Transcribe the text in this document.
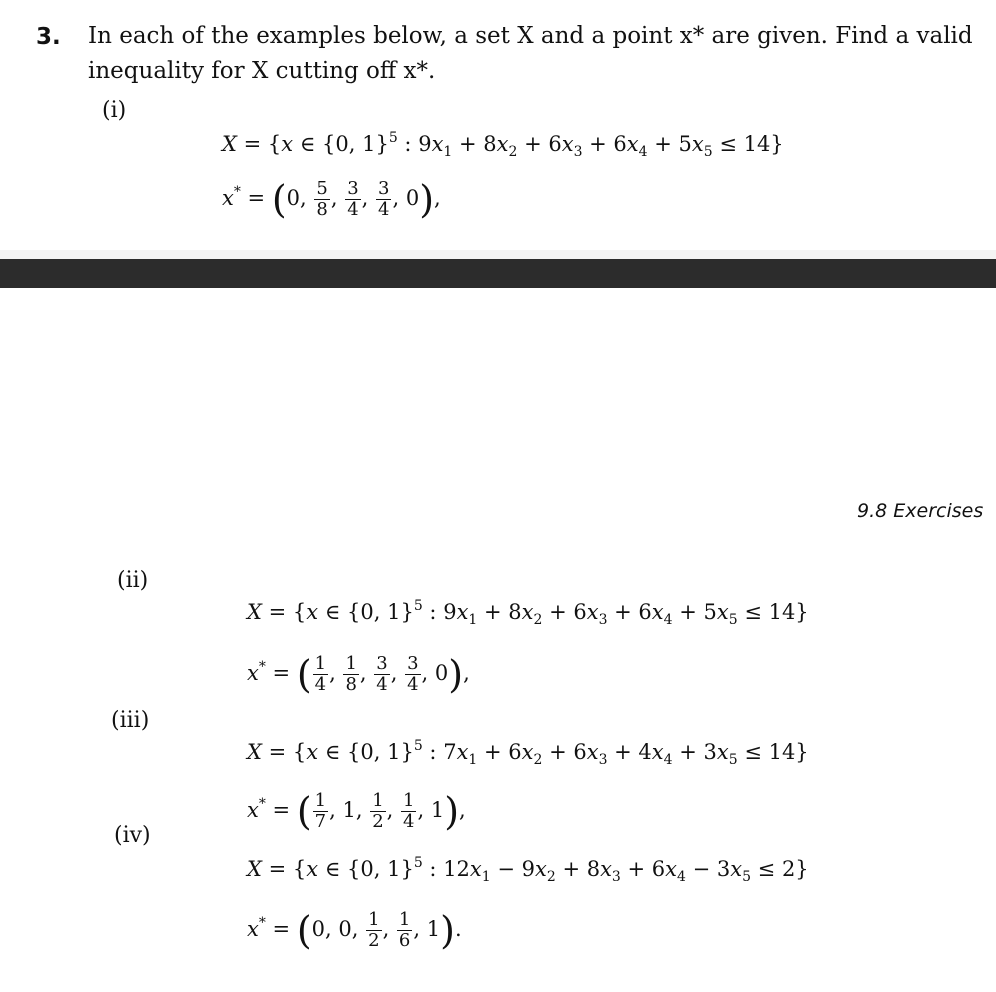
3. In each of the examples below, a set X and a point x* are given. Find a valid
inequality for X cutting off x*.
(i)
X = {x ∈ {0, 1}$^5$ : $9x_1 + 8x_2 + 6x_3 + 6x_4 + 5x_5 \le 14$}
x* = (0, $\frac{5}{8}$ , $\frac{3}{4}$ , $\frac{3}{4}$ , 0),
9.8 Exercises
(ii)
X = {x ∈ {0, 1}$^5$ : $9x_1 + 8x_2 + 6x_3 + 6x_4 + 5x_5 \le 14$}
x* = ( $\frac{1}{4}$ , $\frac{1}{8}$ , $\frac{3}{4}$ , $\frac{3}{4}$ , 0),
(iii)
X = {x ∈ {0, 1}$^5$ : $7x_1 + 6x_2 + 6x_3 + 4x_4 + 3x_5 \le 14$}
x* = ( $\frac{1}{7}$ , 1, $\frac{1}{2}$ , $\frac{1}{4}$ , 1),
(iv)
X = {x ∈ {0, 1}$^5$ : $12x_1 - 9x_2 + 8x_3 + 6x_4 - 3x_5 \le 2$}
x* = (0, 0, $\frac{1}{2}$ , $\frac{1}{6}$ , 1).
